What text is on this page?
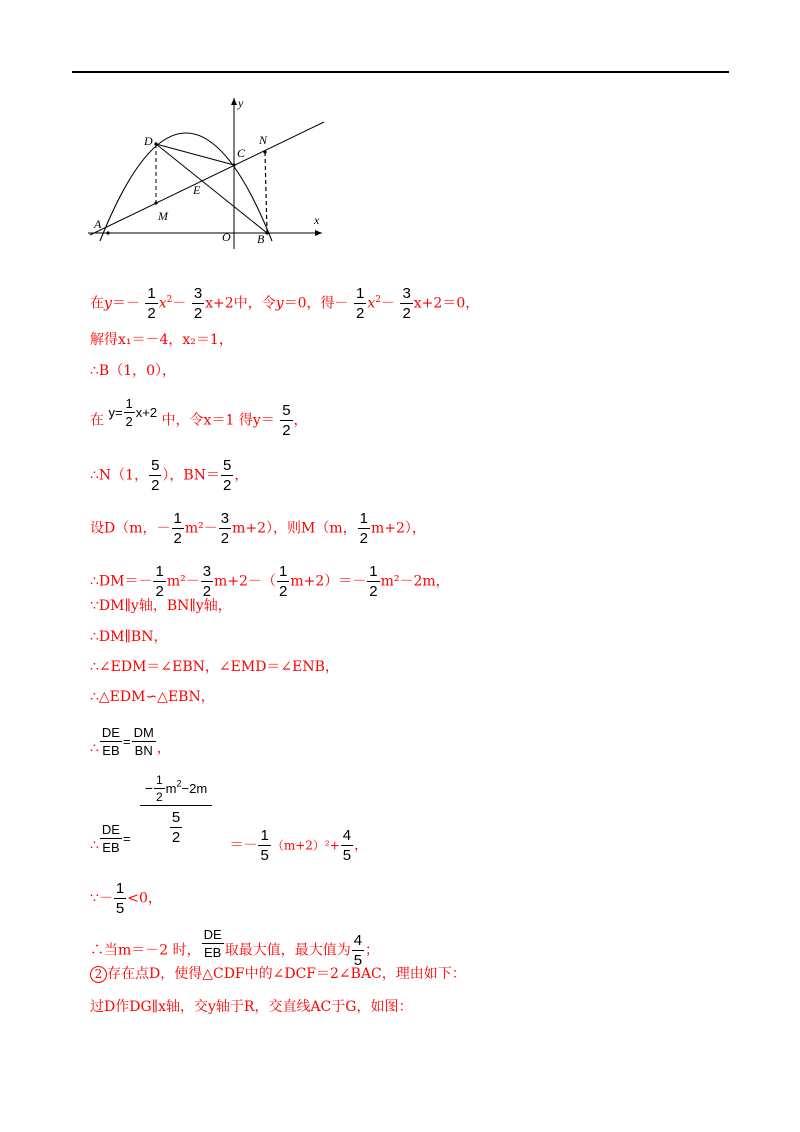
y
x
D
C
N
E
M
A
O B
在$y=- \frac{1}{2} x^2- \frac{3}{2} x+2$中，令y＝0，得－ $\frac{1}{2} x^2- \frac{3}{2} x+2=0$，
解得x₁＝－4，x₂＝1，
∴B（1，0），
在 $y= \frac{1}{2} x+2$ 中，令x＝1 得$y= \frac{5}{2}$ ，
∴N（1， $\frac{5}{2}$ ），$BN= \frac{5}{2}$ ，
设D（m，－ $\frac{1}{2} m^2- \frac{3}{2} m+2$），则M（m， $\frac{1}{2} m+2$），
∴DM＝－ $\frac{1}{2} m^2- \frac{3}{2} m+2-( \frac{1}{2} m+2)=- \frac{1}{2} m^2-2m$，
∵DM∥y轴，BN∥y轴，
∴DM∥BN，
∴∠EDM＝∠EBN，∠EMD＝∠ENB，
∴△EDM∽△EBN，
∴ $\frac{DE}{EB} = \frac{DM}{BN}$ ，
∴ $\frac{DE}{EB}$ =	＝－ $\frac{1}{5} (m+2)^2+ \frac{4}{5}$ ，
− $\frac{1}{2} m^2-2m$
$\frac{5}{2}$
∵－ $\frac{1}{5} <0$，
∴当m＝－2 时， $\frac{DE}{EB}$ 取最大值，最大值为 $\frac{4}{5}$ ；
2 存在点D，使得△CDF中的∠DCF＝2∠BAC，理由如下：
过D作DG∥x轴，交y轴于R，交直线AC于G，如图：
